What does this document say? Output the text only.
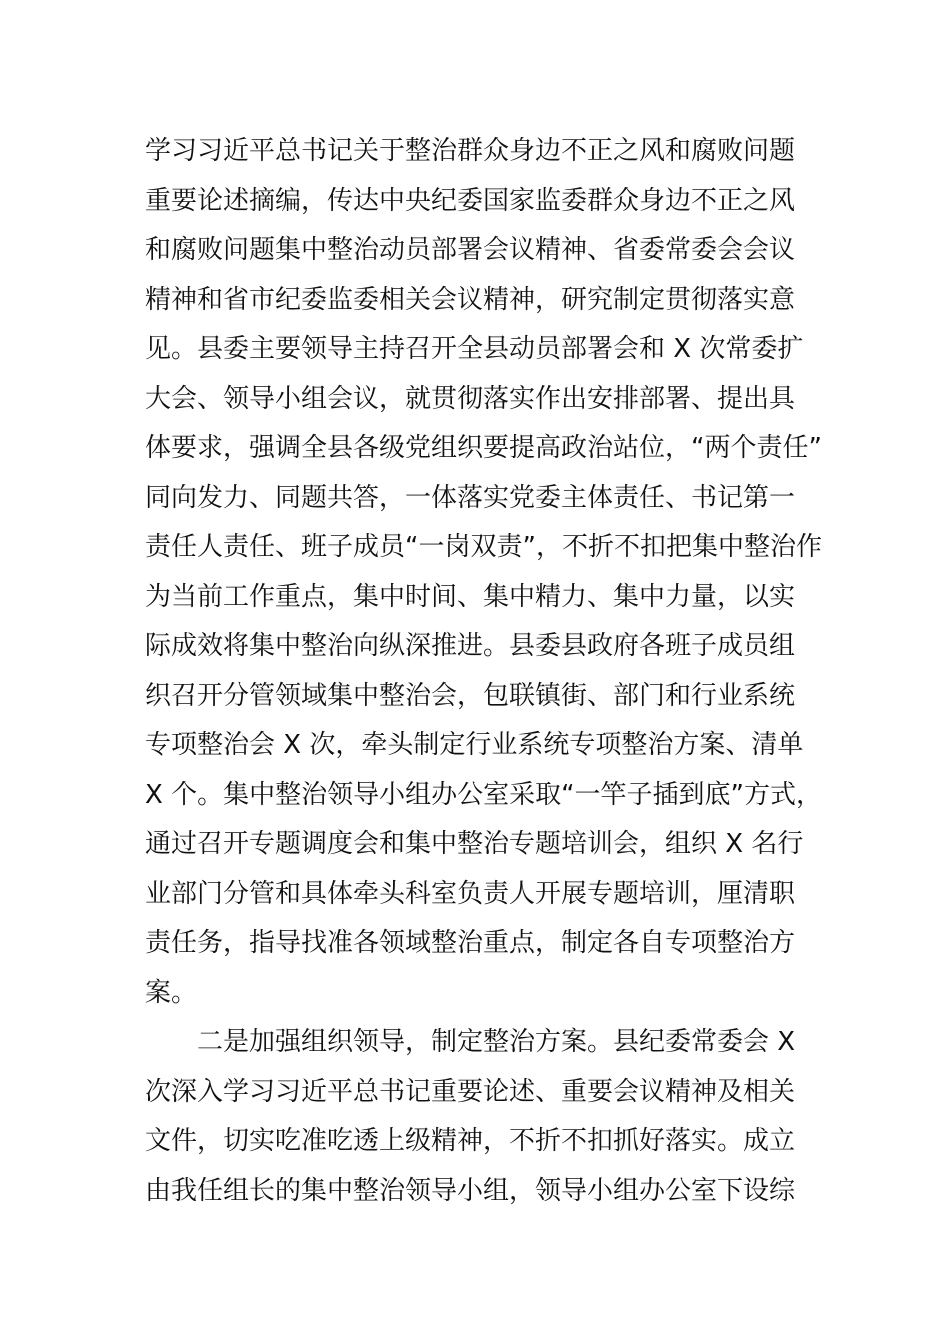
学习习近平总书记关于整治群众身边不正之风和腐败问题
重要论述摘编，传达中央纪委国家监委群众身边不正之风
和腐败问题集中整治动员部署会议精神、省委常委会会议
精神和省市纪委监委相关会议精神，研究制定贯彻落实意
见。县委主要领导主持召开全县动员部署会和 X 次常委扩
大会、领导小组会议，就贯彻落实作出安排部署、提出具
体要求，强调全县各级党组织要提高政治站位，“两个责任”
同向发力、同题共答，一体落实党委主体责任、书记第一
责任人责任、班子成员“一岗双责”，不折不扣把集中整治作
为当前工作重点，集中时间、集中精力、集中力量，以实
际成效将集中整治向纵深推进。县委县政府各班子成员组
织召开分管领域集中整治会，包联镇街、部门和行业系统
专项整治会 X 次，牵头制定行业系统专项整治方案、清单
X 个。集中整治领导小组办公室采取“一竿子插到底”方式，
通过召开专题调度会和集中整治专题培训会，组织 X 名行
业部门分管和具体牵头科室负责人开展专题培训，厘清职
责任务，指导找准各领域整治重点，制定各自专项整治方
案。
　　二是加强组织领导，制定整治方案。县纪委常委会 X
次深入学习习近平总书记重要论述、重要会议精神及相关
文件，切实吃准吃透上级精神，不折不扣抓好落实。成立
由我任组长的集中整治领导小组，领导小组办公室下设综
